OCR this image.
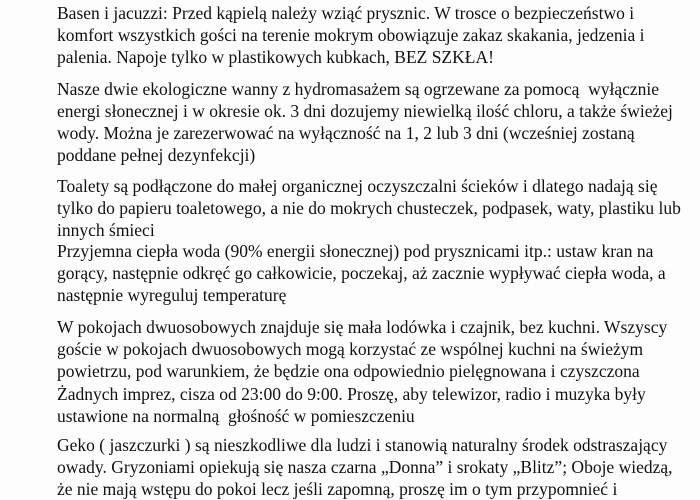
Basen i jacuzzi: Przed kąpielą należy wziąć prysznic. W trosce o bezpieczeństwo i
komfort wszystkich gości na terenie mokrym obowiązuje zakaz skakania, jedzenia i
palenia. Napoje tylko w plastikowych kubkach, BEZ SZKŁA!

Nasze dwie ekologiczne wanny z hydromasażem są ogrzewane za pomocą  wyłącznie
energi słonecznej i w okresie ok. 3 dni dozujemy niewielką ilość chloru, a także świeżej
wody. Można je zarezerwować na wyłączność na 1, 2 lub 3 dni (wcześniej zostaną
poddane pełnej dezynfekcji)

Toalety są podłączone do małej organicznej oczyszczalni ścieków i dlatego nadają się
tylko do papieru toaletowego, a nie do mokrych chusteczek, podpasek, waty, plastiku lub
innych śmieci

Przyjemna ciepła woda (90% energii słonecznej) pod prysznicami itp.: ustaw kran na
gorący, następnie odkręć go całkowicie, poczekaj, aż zacznie wypływać ciepła woda, a
następnie wyreguluj temperaturę

W pokojach dwuosobowych znajduje się mała lodówka i czajnik, bez kuchni. Wszyscy
goście w pokojach dwuosobowych mogą korzystać ze wspólnej kuchni na świeżym
powietrzu, pod warunkiem, że będzie ona odpowiednio pielęgnowana i czyszczona

Żadnych imprez, cisza od 23:00 do 9:00. Proszę, aby telewizor, radio i muzyka były
ustawione na normalną  głośność w pomieszczeniu

Geko ( jaszczurki ) są nieszkodliwe dla ludzi i stanowią naturalny środek odstraszający
owady. Gryzoniami opiekują się nasza czarna „Donna” i srokaty „Blitz”; Oboje wiedzą,
że nie mają wstępu do pokoi lecz jeśli zapomną, proszę im o tym przypomnieć i
